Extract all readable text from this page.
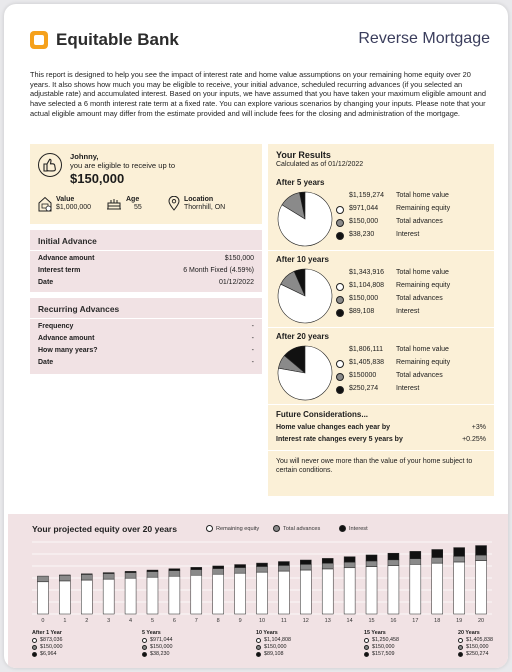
Equitable Bank	Reverse Mortgage

This report is designed to help you see the impact of interest rate and home value assumptions on your remaining home equity over 20 years. It also shows how much you may be eligible to receive, your initial advance, scheduled recurring advances (if you selected an adjustable rate) and accumulated interest. Based on your inputs, we have assumed that you have taken your maximum eligible amount and have selected a 6 month interest rate term at a fixed rate. You can explore various scenarios by changing your inputs. Please note that your actual eligible amount may differ from the estimate provided and will include fees for the closing and administration of the mortgage.

Johnny,
you are eligible to receive up to
$150,000
Value
$1,000,000
Age
55
Location
Thornhill, ON
Initial Advance
Advance amount	$150,000
Interest term	6 Month Fixed (4.59%)
Date	01/12/2022
Recurring Advances
Frequency	-
Advance amount	-
How many years?	-
Date	-
Your Results
Calculated as of 01/12/2022
After 5 years
$1,159,274 Total home value
$971,044	Remaining equity
$150,000	Total advances
$38,230	Interest
After 10 years
$1,343,916 Total home value
$1,104,808 Remaining equity
$150,000	Total advances
$89,108	Interest
After 20 years
$1,806,111 Total home value
$1,405,838 Remaining equity
$150000	Total advances
$250,274	Interest
Future Considerations...
Home value changes each year by	+3%
Interest rate changes every 5 years by	+0.25%
You will never owe more than the value of your home subject to certain conditions.
0	1	2	3	4	5	6	7	8	9	10	11	12	13	14	15	16	17	18	19	20
Your projected equity over 20 years	Remaining equity	Total advances	Interest
After 1 Year
$873,036
$150,000
$6,964
5 Years
$971,044
$150,000
$38,230
10 Years
$1,104,808
$150,000
$89,108
15 Years
$1,250,458
$150,000
$157,509
20 Years
$1,405,838
$150,000
$250,274
